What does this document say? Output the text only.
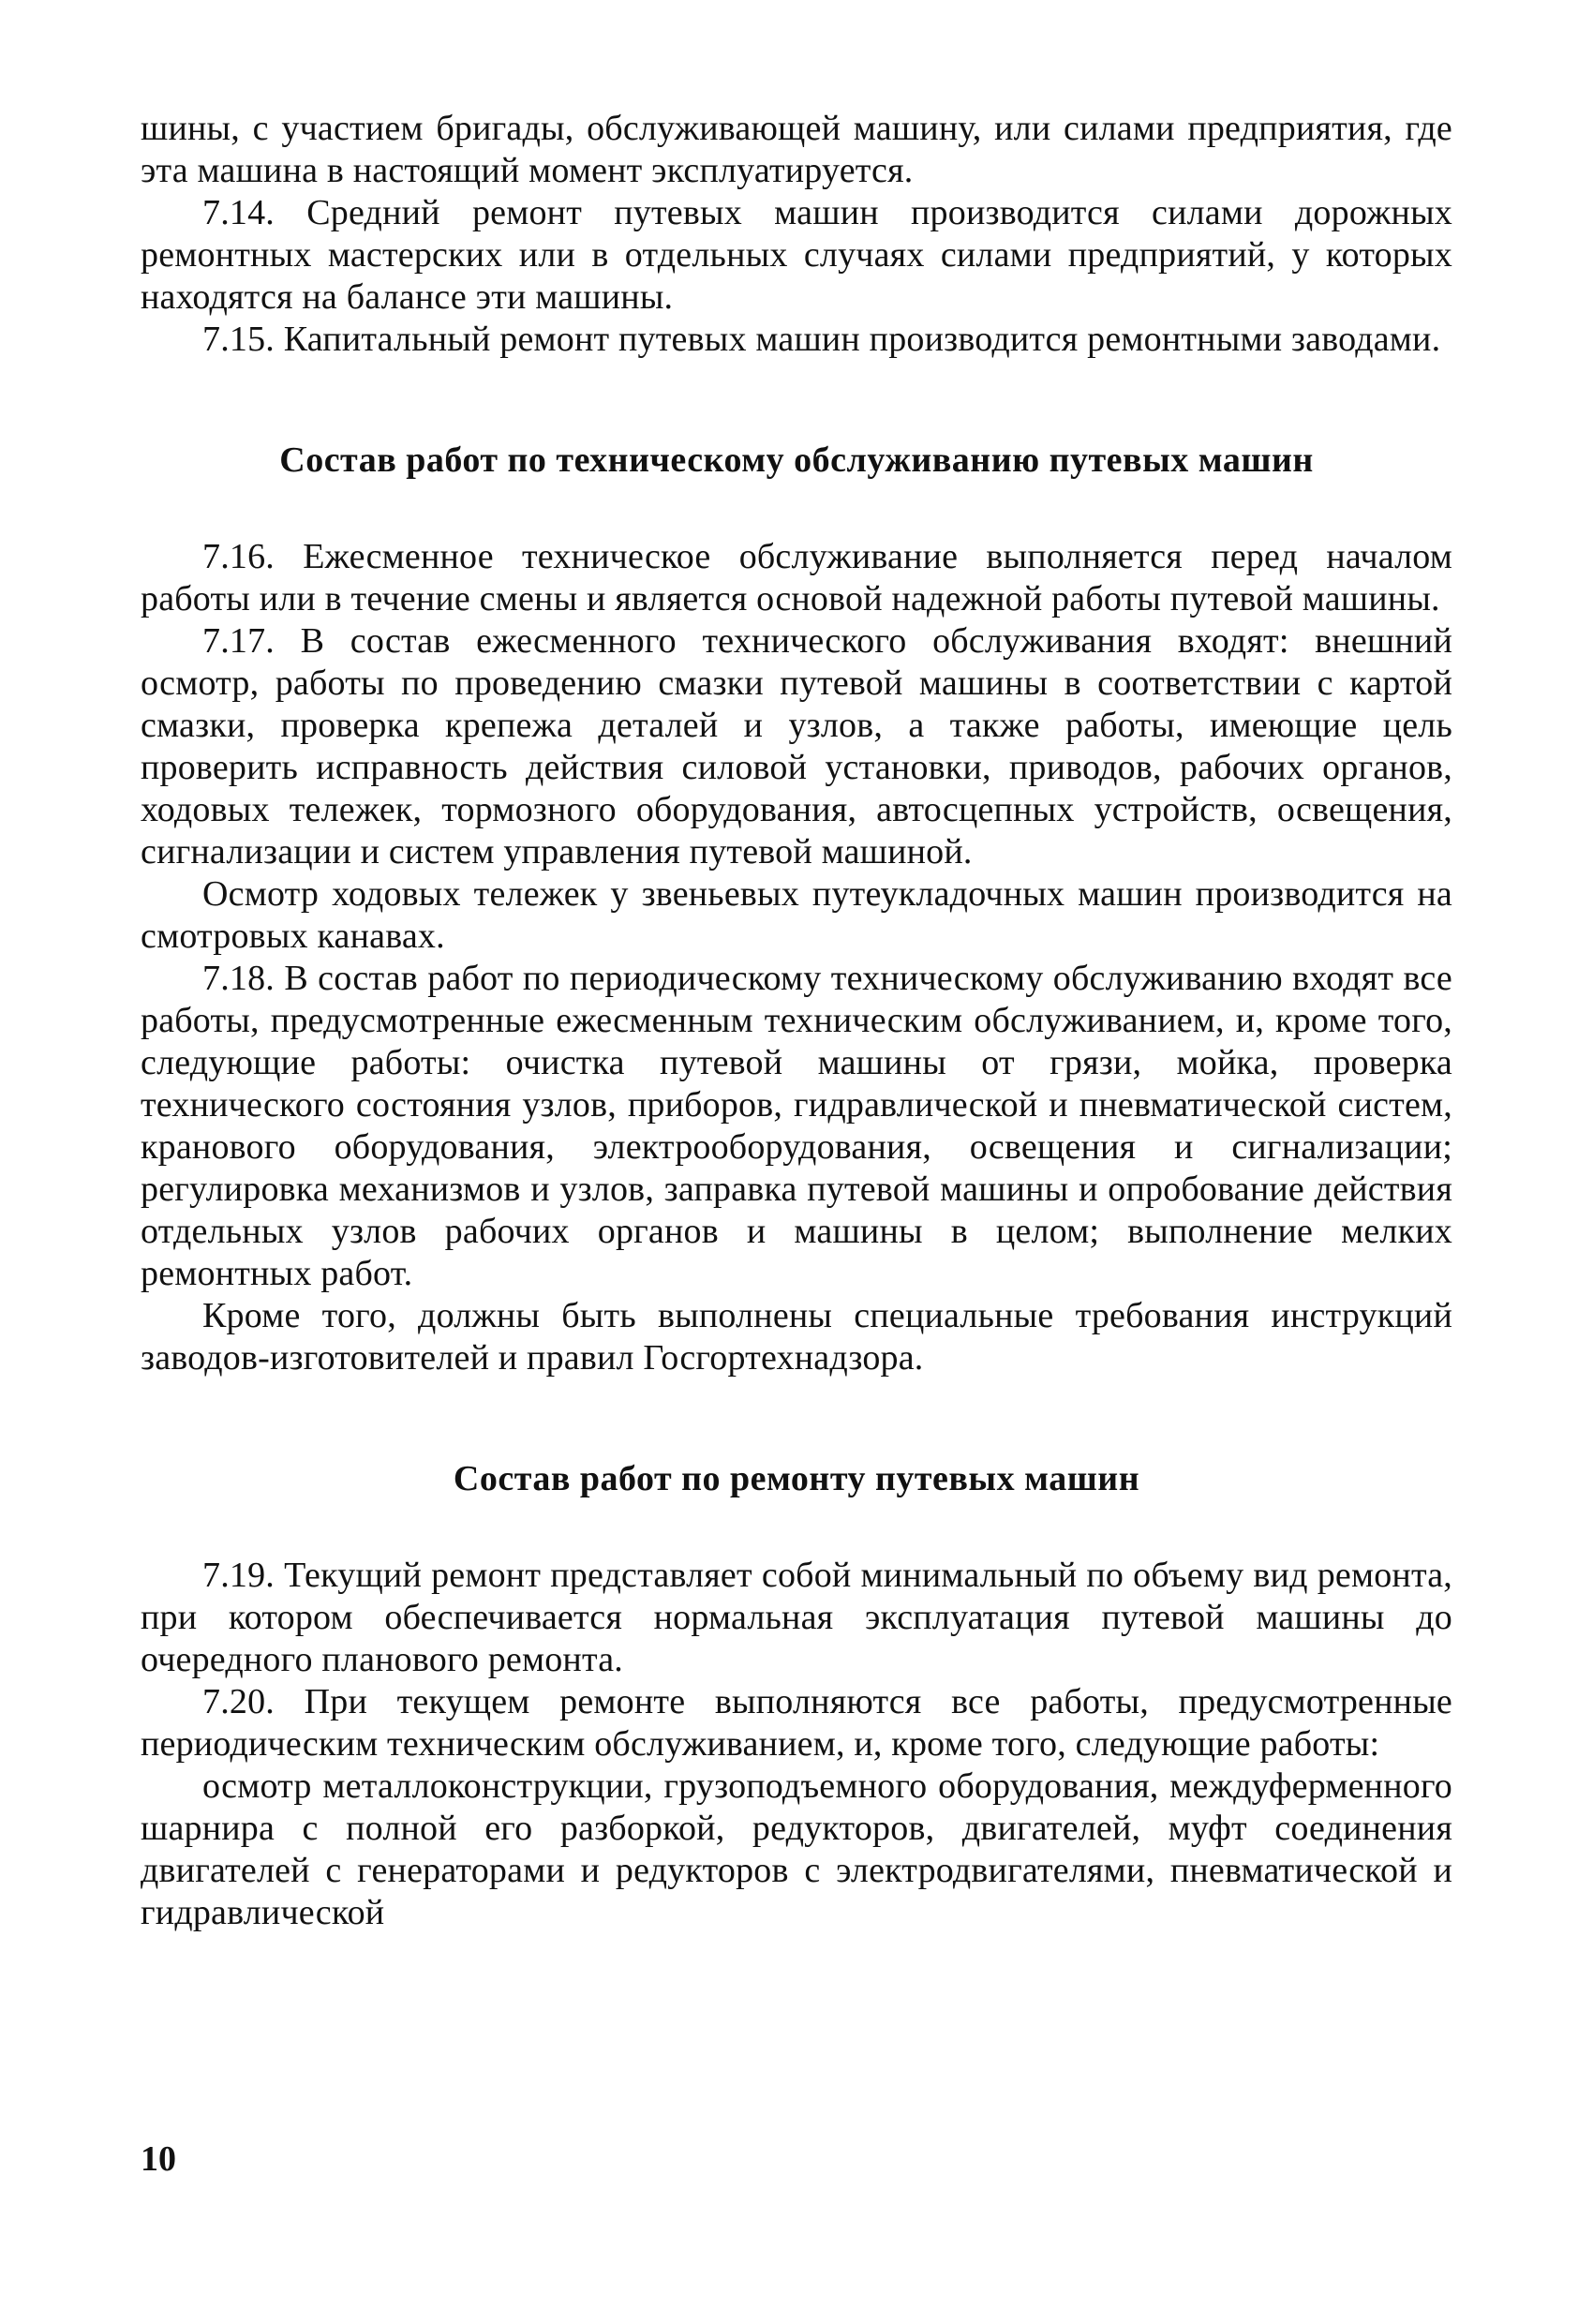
шины, с участием бригады, обслуживающей машину, или силами предприятия, где эта машина в настоящий момент эксплуатируется.

7.14. Средний ремонт путевых машин производится силами дорожных ремонтных мастерских или в отдельных случаях силами предприятий, у которых находятся на балансе эти машины.

7.15. Капитальный ремонт путевых машин производится ремонтными заводами.

Состав работ по техническому обслуживанию путевых машин

7.16. Ежесменное техническое обслуживание выполняется перед началом работы или в течение смены и является основой надежной работы путевой машины.

7.17. В состав ежесменного технического обслуживания входят: внешний осмотр, работы по проведению смазки путевой машины в соответствии с картой смазки, проверка крепежа деталей и узлов, а также работы, имеющие цель проверить исправность действия силовой установки, приводов, рабочих органов, ходовых тележек, тормозного оборудования, автосцепных устройств, освещения, сигнализации и систем управления путевой машиной.

Осмотр ходовых тележек у звеньевых путеукладочных машин производится на смотровых канавах.

7.18. В состав работ по периодическому техническому обслуживанию входят все работы, предусмотренные ежесменным техническим обслуживанием, и, кроме того, следующие работы: очистка путевой машины от грязи, мойка, проверка технического состояния узлов, приборов, гидравлической и пневматической систем, кранового оборудования, электрооборудования, освещения и сигнализации; регулировка механизмов и узлов, заправка путевой машины и опробование действия отдельных узлов рабочих органов и машины в целом; выполнение мелких ремонтных работ.

Кроме того, должны быть выполнены специальные требования инструкций заводов-изготовителей и правил Госгортехнадзора.

Состав работ по ремонту путевых машин

7.19. Текущий ремонт представляет собой минимальный по объему вид ремонта, при котором обеспечивается нормальная эксплуатация путевой машины до очередного планового ремонта.

7.20. При текущем ремонте выполняются все работы, предусмотренные периодическим техническим обслуживанием, и, кроме того, следующие работы:

осмотр металлоконструкции, грузоподъемного оборудования, междуферменного шарнира с полной его разборкой, редукторов, двигателей, муфт соединения двигателей с генераторами и редукторов с электродвигателями, пневматической и гидравлической

10
